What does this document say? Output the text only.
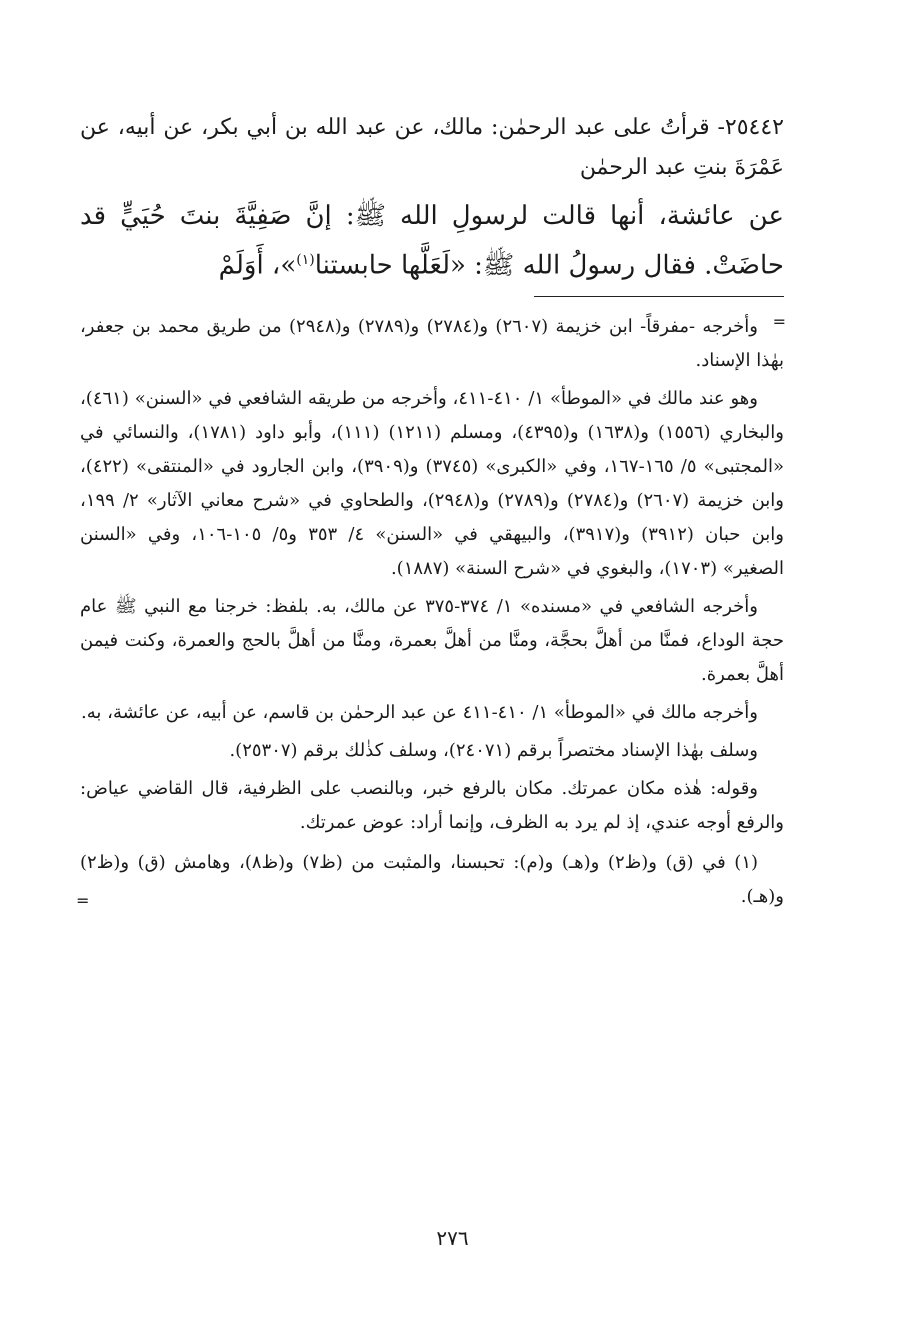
٢٥٤٤٢- قرأتُ على عبد الرحمٰن: مالك، عن عبد الله بن أبي بكر، عن أبيه، عن عَمْرَةَ بنتِ عبد الرحمٰن

عن عائشة، أنها قالت لرسولِ الله ﷺ: إنَّ صَفِيَّةَ بنتَ حُيَيٍّ قد حاضَتْ. فقال رسولُ الله ﷺ: «لَعَلَّها حابستنا$^{(١)}$»، أَوَلَمْ

=

وأخرجه -مفرقاً- ابن خزيمة (٢٦٠٧) و(٢٧٨٤) و(٢٧٨٩) و(٢٩٤٨) من طريق محمد بن جعفر، بهٰذا الإسناد.

وهو عند مالك في «الموطأ» ١/ ٤١٠-٤١١، وأخرجه من طريقه الشافعي في «السنن» (٤٦١)، والبخاري (١٥٥٦) و(١٦٣٨) و(٤٣٩٥)، ومسلم (١٢١١) (١١١)، وأبو داود (١٧٨١)، والنسائي في «المجتبى» ٥/ ١٦٥-١٦٧، وفي «الكبرى» (٣٧٤٥) و(٣٩٠٩)، وابن الجارود في «المنتقى» (٤٢٢)، وابن خزيمة (٢٦٠٧) و(٢٧٨٤) و(٢٧٨٩) و(٢٩٤٨)، والطحاوي في «شرح معاني الآثار» ٢/ ١٩٩، وابن حبان (٣٩١٢) و(٣٩١٧)، والبيهقي في «السنن» ٤/ ٣٥٣ و٥/ ١٠٥-١٠٦، وفي «السنن الصغير» (١٧٠٣)، والبغوي في «شرح السنة» (١٨٨٧).

وأخرجه الشافعي في «مسنده» ١/ ٣٧٤-٣٧٥ عن مالك، به. بلفظ: خرجنا مع النبي ﷺ عام حجة الوداع، فمنَّا من أهلَّ بحجَّة، ومنَّا من أهلَّ بعمرة، ومنَّا من أهلَّ بالحج والعمرة، وكنت فيمن أهلَّ بعمرة.

وأخرجه مالك في «الموطأ» ١/ ٤١٠-٤١١ عن عبد الرحمٰن بن قاسم، عن أبيه، عن عائشة، به.

وسلف بهٰذا الإسناد مختصراً برقم (٢٤٠٧١)، وسلف كذٰلك برقم (٢٥٣٠٧).

وقوله: هٰذه مكان عمرتك. مكان بالرفع خبر، وبالنصب على الظرفية، قال القاضي عياض: والرفع أوجه عندي، إذ لم يرد به الظرف، وإنما أراد: عوض عمرتك.

(١) في (ق) و(ظ٢) و(هـ) و(م): تحبسنا، والمثبت من (ظ٧) و(ظ٨)، وهامش (ق) و(ظ٢) و(هـ).

=
٢٧٦
